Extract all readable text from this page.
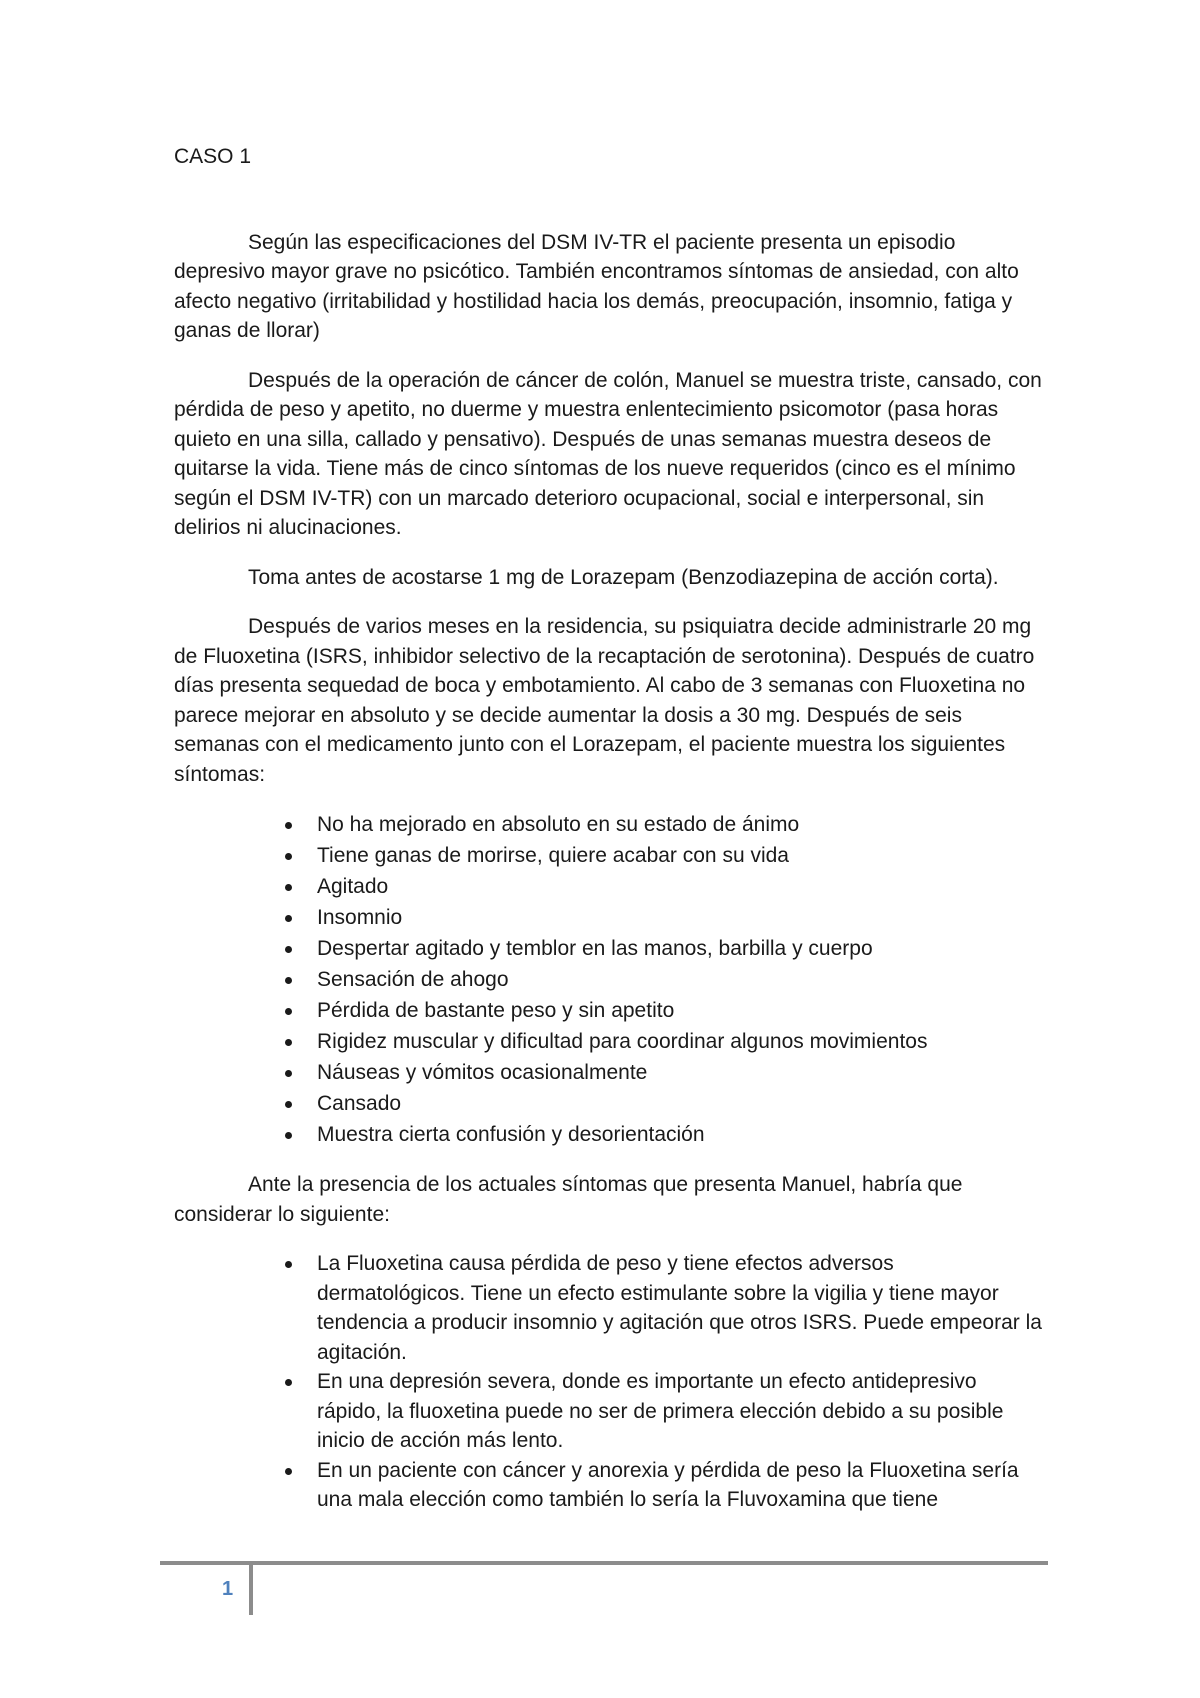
CASO 1

Según las especificaciones del DSM IV-TR el paciente presenta un episodio depresivo mayor grave no psicótico. También encontramos síntomas de ansiedad, con alto afecto negativo (irritabilidad y hostilidad hacia los demás, preocupación, insomnio, fatiga y ganas de llorar)

Después de la operación de cáncer de colón, Manuel se muestra triste, cansado, con pérdida de peso y apetito, no duerme y muestra enlentecimiento psicomotor (pasa horas quieto en una silla, callado y pensativo). Después de unas semanas muestra deseos de quitarse la vida. Tiene más de cinco síntomas de los nueve requeridos (cinco es el mínimo según el DSM IV-TR) con un marcado deterioro ocupacional, social e interpersonal, sin delirios ni alucinaciones.

Toma antes de acostarse 1 mg de Lorazepam (Benzodiazepina de acción corta).

Después de varios meses en la residencia, su psiquiatra decide administrarle 20 mg de Fluoxetina (ISRS, inhibidor selectivo de la recaptación de serotonina). Después de cuatro días presenta sequedad de boca y embotamiento. Al cabo de 3 semanas con Fluoxetina no parece mejorar en absoluto y se decide aumentar la dosis a 30 mg. Después de seis semanas con el medicamento junto con el Lorazepam, el paciente muestra los siguientes síntomas:

No ha mejorado en absoluto en su estado de ánimo
Tiene ganas de morirse, quiere acabar con su vida
Agitado
Insomnio
Despertar agitado y temblor en las manos, barbilla y cuerpo
Sensación de ahogo
Pérdida de bastante peso y sin apetito
Rigidez muscular y dificultad para coordinar algunos movimientos
Náuseas y vómitos ocasionalmente
Cansado
Muestra cierta confusión y desorientación

Ante la presencia de los actuales síntomas que presenta Manuel, habría que considerar lo siguiente:

La Fluoxetina causa pérdida de peso y tiene efectos adversos dermatológicos. Tiene un efecto estimulante sobre la vigilia y tiene mayor tendencia a producir insomnio y agitación que otros ISRS. Puede empeorar la agitación.
En una depresión severa, donde es importante un efecto antidepresivo rápido, la fluoxetina puede no ser de primera elección debido a su posible inicio de acción más lento.
En un paciente con cáncer y anorexia y pérdida de peso la Fluoxetina sería una mala elección como también lo sería la Fluvoxamina que tiene
1
